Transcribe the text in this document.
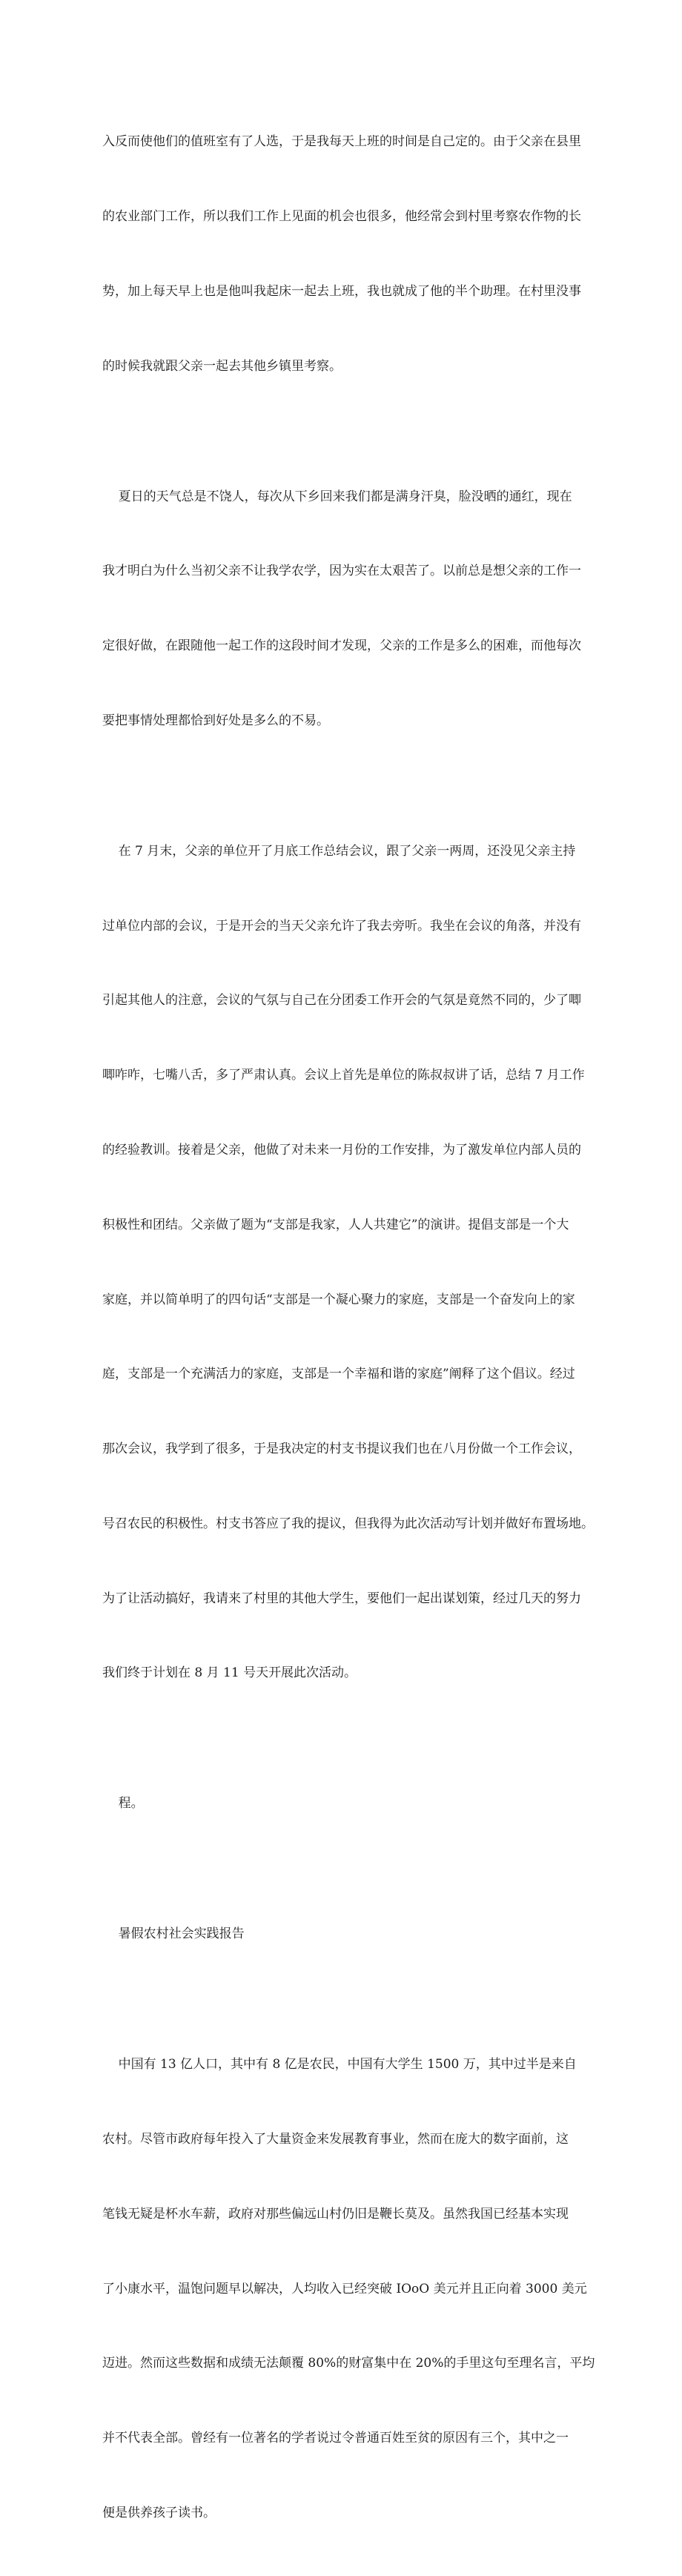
入反而使他们的值班室有了人选，于是我每天上班的时间是自己定的。由于父亲在县里

的农业部门工作，所以我们工作上见面的机会也很多，他经常会到村里考察农作物的长

势，加上每天早上也是他叫我起床一起去上班，我也就成了他的半个助理。在村里没事

的时候我就跟父亲一起去其他乡镇里考察。

夏日的天气总是不饶人，每次从下乡回来我们都是满身汗臭，脸没晒的通红，现在

我才明白为什么当初父亲不让我学农学，因为实在太艰苦了。以前总是想父亲的工作一

定很好做，在跟随他一起工作的这段时间才发现，父亲的工作是多么的困难，而他每次

要把事情处理都恰到好处是多么的不易。

在 7 月末，父亲的单位开了月底工作总结会议，跟了父亲一两周，还没见父亲主持

过单位内部的会议，于是开会的当天父亲允许了我去旁听。我坐在会议的角落，并没有

引起其他人的注意，会议的气氛与自己在分团委工作开会的气氛是竟然不同的，少了唧

唧咋咋，七嘴八舌，多了严肃认真。会议上首先是单位的陈叔叔讲了话，总结 7 月工作

的经验教训。接着是父亲，他做了对未来一月份的工作安排，为了激发单位内部人员的

积极性和团结。父亲做了题为“支部是我家，人人共建它”的演讲。提倡支部是一个大

家庭，并以简单明了的四句话“支部是一个凝心聚力的家庭，支部是一个奋发向上的家

庭，支部是一个充满活力的家庭，支部是一个幸福和谐的家庭”阐释了这个倡议。经过

那次会议，我学到了很多，于是我决定的村支书提议我们也在八月份做一个工作会议，

号召农民的积极性。村支书答应了我的提议，但我得为此次活动写计划并做好布置场地。

为了让活动搞好，我请来了村里的其他大学生，要他们一起出谋划策，经过几天的努力

我们终于计划在 8 月 11 号天开展此次活动。

程。

暑假农村社会实践报告

中国有 13 亿人口，其中有 8 亿是农民，中国有大学生 1500 万，其中过半是来自

农村。尽管市政府每年投入了大量资金来发展教育事业，然而在庞大的数字面前，这

笔钱无疑是杯水车薪，政府对那些偏远山村仍旧是鞭长莫及。虽然我国已经基本实现

了小康水平，温饱问题早以解决，人均收入已经突破 IOoO 美元并且正向着 3000 美元

迈进。然而这些数据和成绩无法颠覆 80%的财富集中在 20%的手里这句至理名言，平均

并不代表全部。曾经有一位著名的学者说过令普通百姓至贫的原因有三个，其中之一

便是供养孩子读书。
